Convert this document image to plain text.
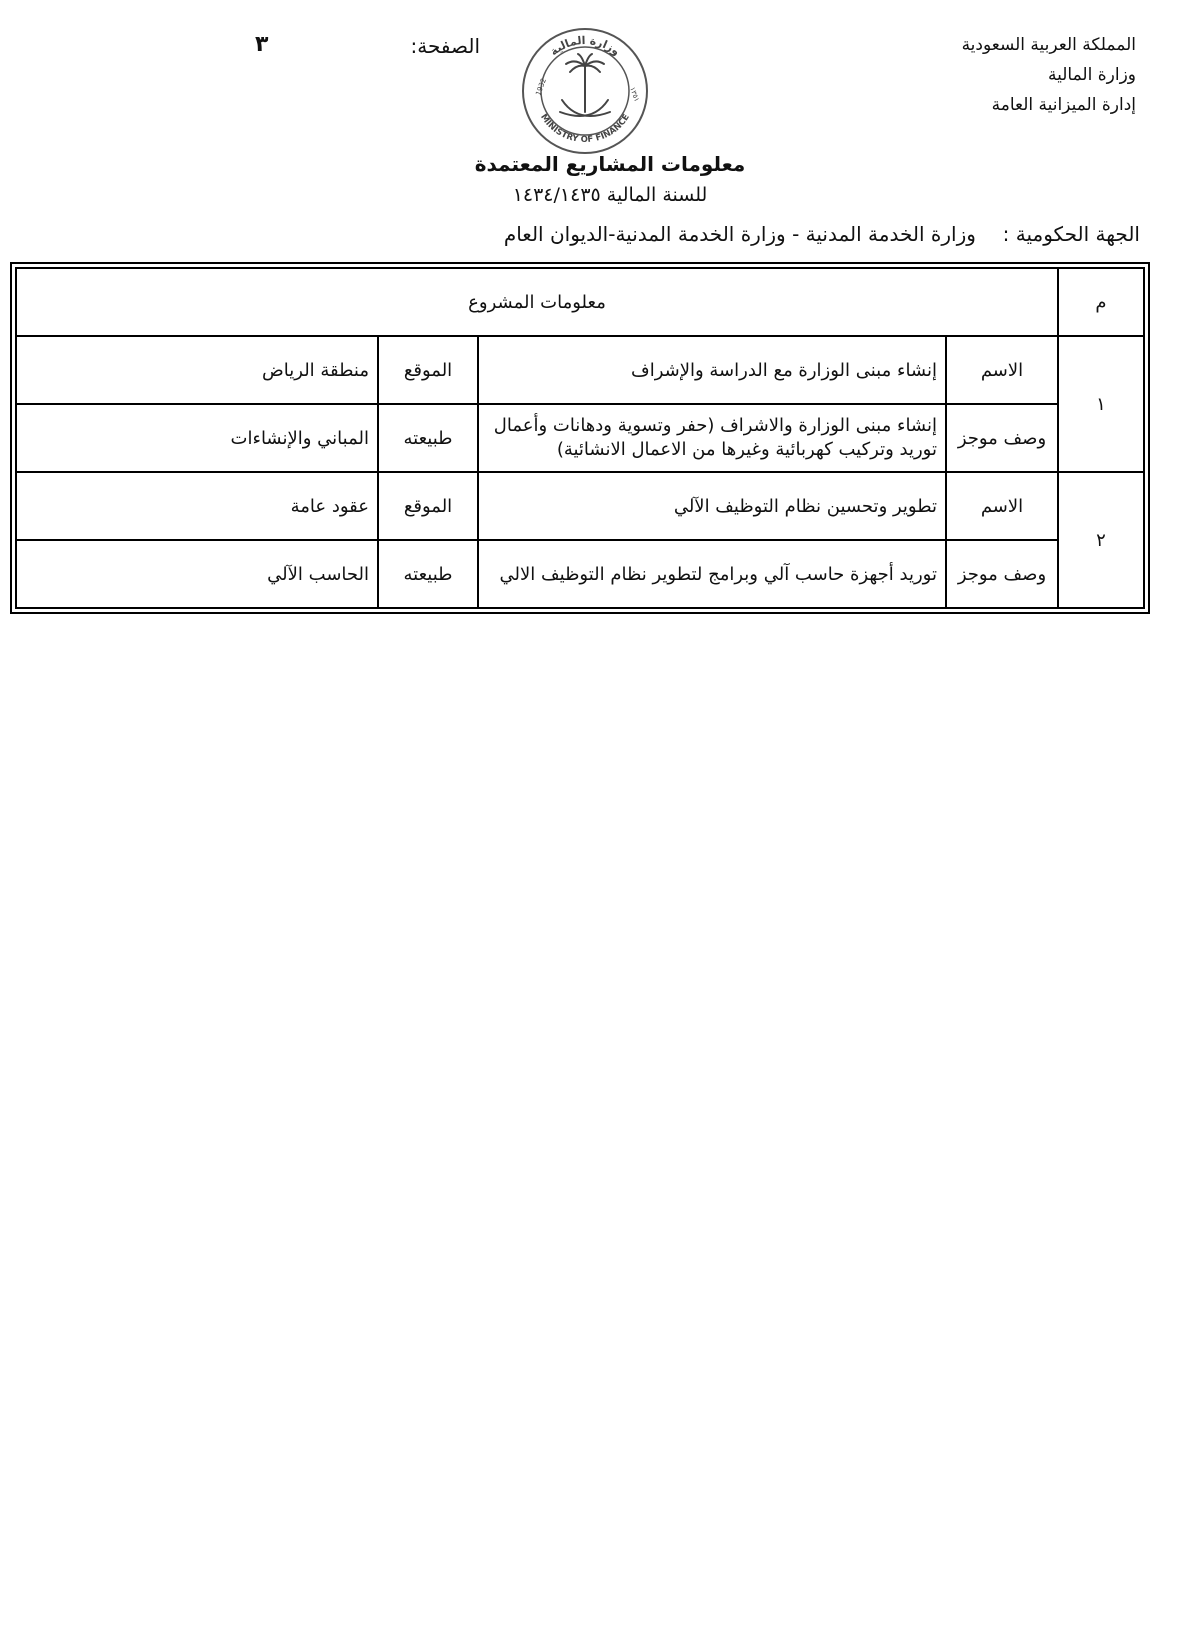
المملكة العربية السعودية
وزارة المالية
إدارة الميزانية العامة
الصفحة:
٣	وزارة المالية
MINISTRY OF FINANCE
1932	١٣٥١
معلومات المشاريع المعتمدة
للسنة المالية ١٤٣٤/١٤٣٥
الجهة الحكومية :  وزارة الخدمة المدنية - وزارة الخدمة المدنية-الديوان العام
م	معلومات المشروع			
١	الاسم	إنشاء مبنى الوزارة مع الدراسة والإشراف	الموقع	منطقة الرياض
	وصف موجز	إنشاء مبنى الوزارة والاشراف (حفر وتسوية ودهانات وأعمال توريد وتركيب كهربائية وغيرها من الاعمال الانشائية)	طبيعته	المباني والإنشاءات
٢	الاسم	تطوير وتحسين نظام التوظيف الآلي	الموقع	عقود عامة
	وصف موجز	توريد أجهزة حاسب آلي وبرامج لتطوير نظام التوظيف الالي	طبيعته	الحاسب الآلي
